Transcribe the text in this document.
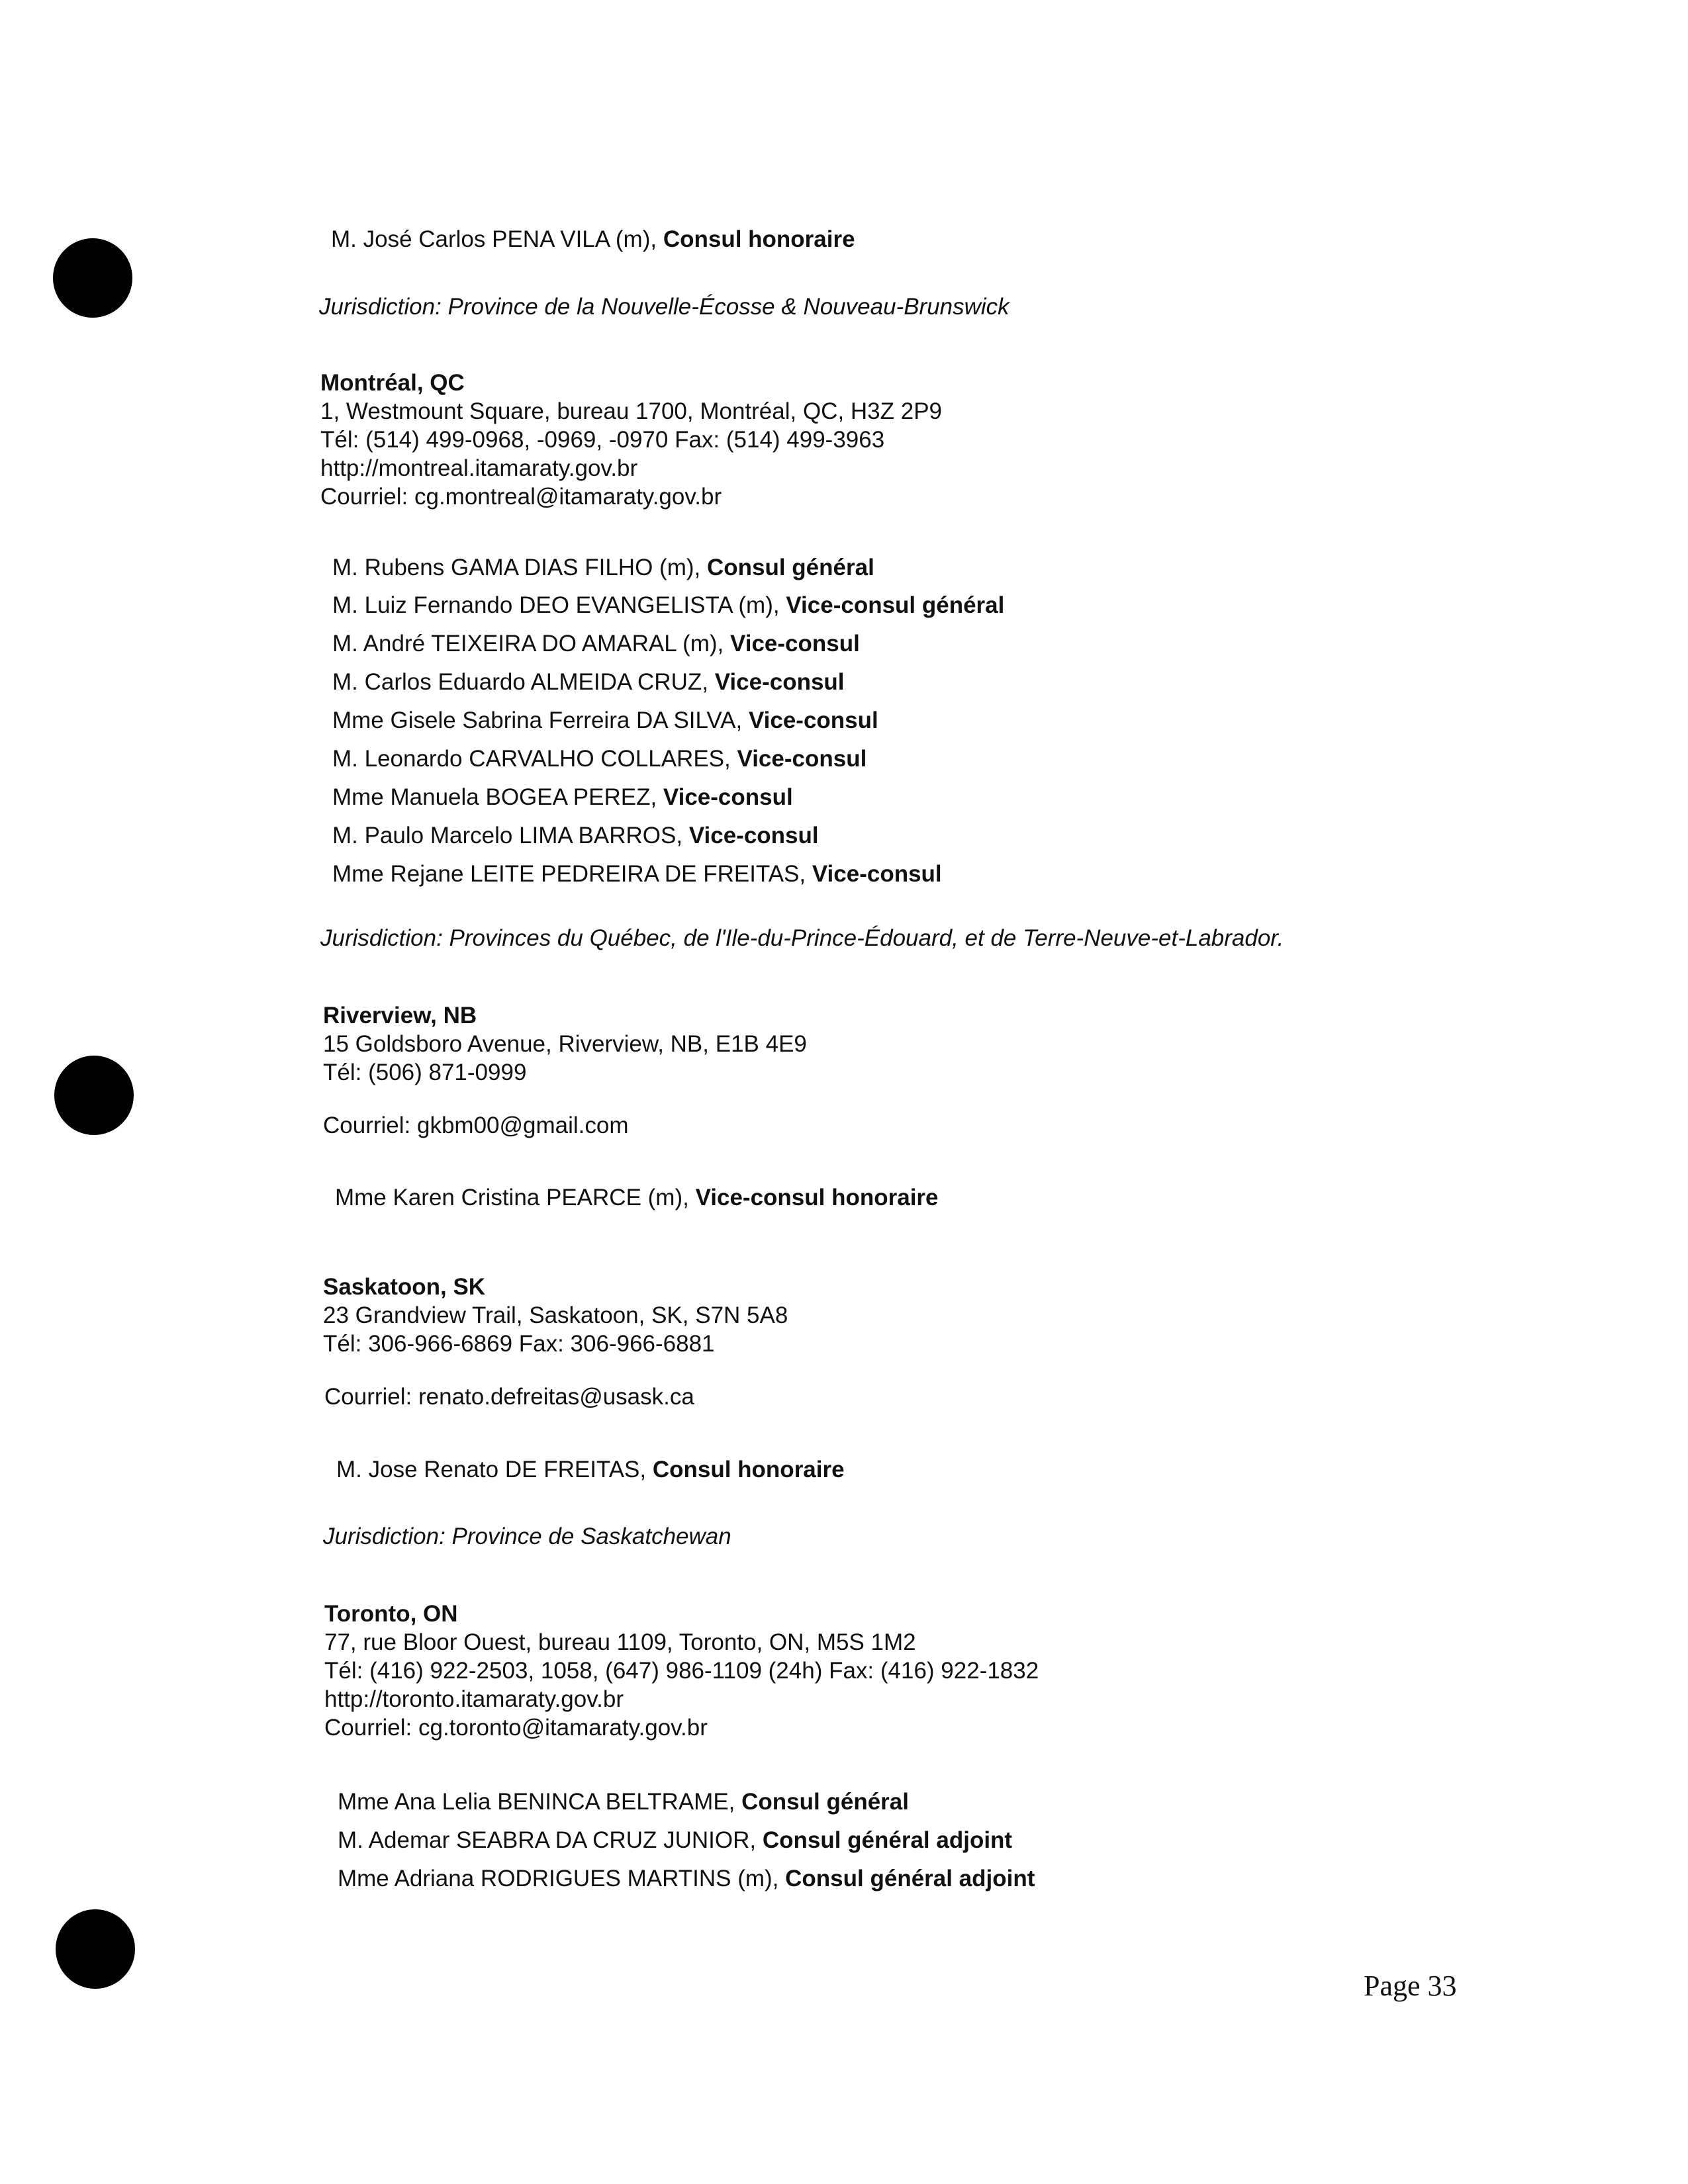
M. José Carlos PENA VILA (m), Consul honoraire
Jurisdiction: Province de la Nouvelle-Écosse & Nouveau-Brunswick
Montréal, QC
1, Westmount Square, bureau 1700, Montréal, QC, H3Z 2P9
Tél: (514) 499-0968, -0969, -0970 Fax: (514) 499-3963
http://montreal.itamaraty.gov.br
Courriel: cg.montreal@itamaraty.gov.br
M. Rubens GAMA DIAS FILHO (m), Consul général
M. Luiz Fernando DEO EVANGELISTA (m), Vice-consul général
M. André TEIXEIRA DO AMARAL (m), Vice-consul
M. Carlos Eduardo ALMEIDA CRUZ, Vice-consul
Mme Gisele Sabrina Ferreira DA SILVA, Vice-consul
M. Leonardo CARVALHO COLLARES, Vice-consul
Mme Manuela BOGEA PEREZ, Vice-consul
M. Paulo Marcelo LIMA BARROS, Vice-consul
Mme Rejane LEITE PEDREIRA DE FREITAS, Vice-consul
Jurisdiction: Provinces du Québec, de l'Ile-du-Prince-Édouard, et de Terre-Neuve-et-Labrador.
Riverview, NB
15 Goldsboro Avenue, Riverview, NB, E1B 4E9
Tél: (506) 871-0999
Courriel: gkbm00@gmail.com
Mme Karen Cristina PEARCE (m), Vice-consul honoraire
Saskatoon, SK
23 Grandview Trail, Saskatoon, SK, S7N 5A8
Tél: 306-966-6869 Fax: 306-966-6881
Courriel: renato.defreitas@usask.ca
M. Jose Renato DE FREITAS, Consul honoraire
Jurisdiction: Province de Saskatchewan
Toronto, ON
77, rue Bloor Ouest, bureau 1109, Toronto, ON, M5S 1M2
Tél: (416) 922-2503, 1058, (647) 986-1109 (24h) Fax: (416) 922-1832
http://toronto.itamaraty.gov.br
Courriel: cg.toronto@itamaraty.gov.br
Mme Ana Lelia BENINCA BELTRAME, Consul général
M. Ademar SEABRA DA CRUZ JUNIOR, Consul général adjoint
Mme Adriana RODRIGUES MARTINS (m), Consul général adjoint
Page 33
